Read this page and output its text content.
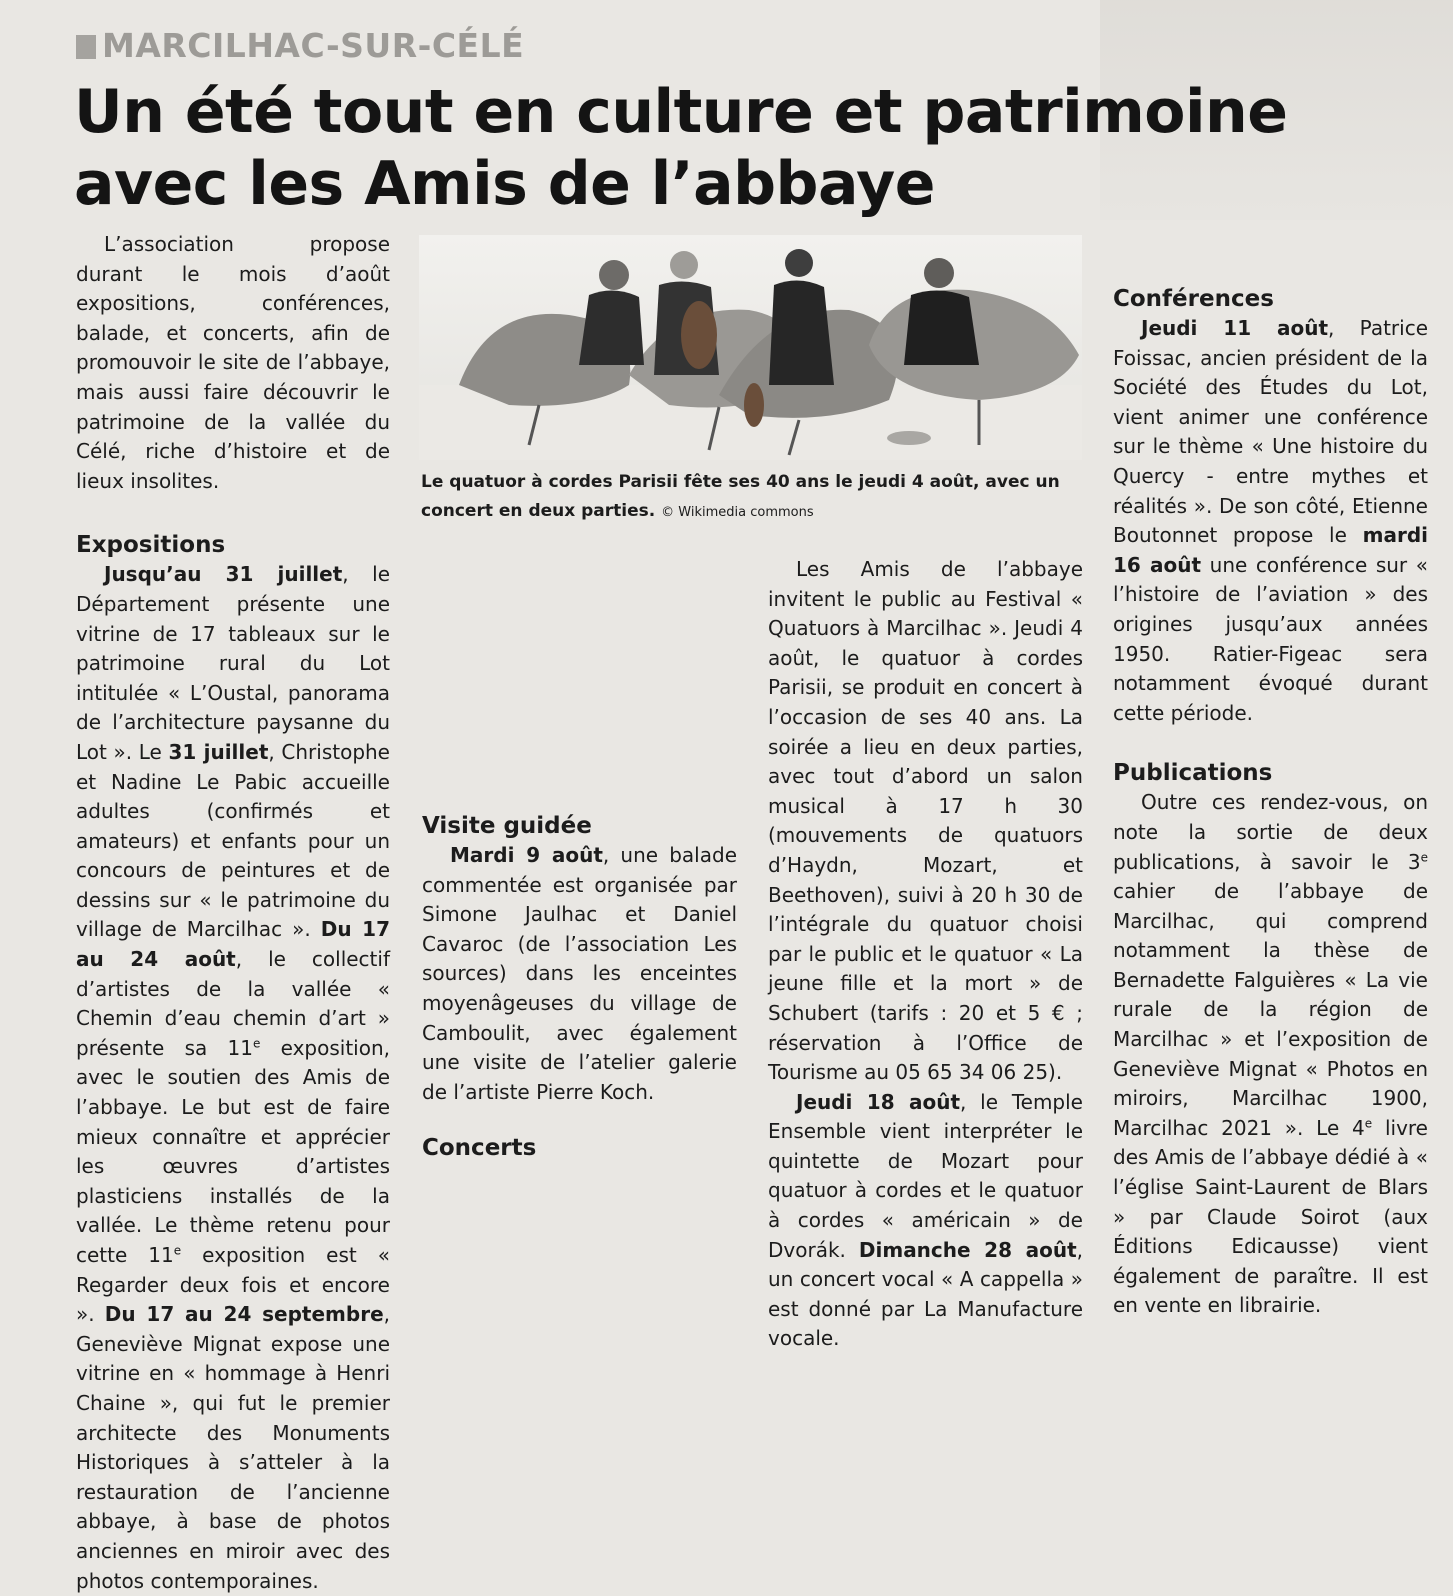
MARCILHAC-SUR-CÉLÉ
Un été tout en culture et patrimoine avec les Amis de l’abbaye

L’association propose durant le mois d’août expositions, conférences, balade, et concerts, afin de promouvoir le site de l’abbaye, mais aussi faire découvrir le patrimoine de la vallée du Célé, riche d’histoire et de lieux insolites.

Expositions

Jusqu’au 31 juillet, le Département présente une vitrine de 17 tableaux sur le patrimoine rural du Lot intitulée « L’Oustal, panorama de l’architecture paysanne du Lot ». Le 31 juillet, Christophe et Nadine Le Pabic accueille adultes (confirmés et amateurs) et enfants pour un concours de peintures et de dessins sur « le patrimoine du village de Marcilhac ». Du 17 au 24 août, le collectif d’artistes de la vallée « Chemin d’eau chemin d’art » présente sa 11e exposition, avec le soutien des Amis de l’abbaye. Le but est de faire mieux connaître et apprécier les œuvres d’artistes plasticiens installés de la vallée. Le thème retenu pour cette 11e exposition est « Regarder deux fois et encore ». Du 17 au 24 septembre, Geneviève Mignat expose une vitrine en « hommage à Henri Chaine », qui fut le premier architecte des Monuments Historiques à s’atteler à la restauration de l’ancienne abbaye, à base de photos anciennes en miroir avec des photos contemporaines.

Le quatuor à cordes Parisii fête ses 40 ans le jeudi 4 août, avec un concert en deux parties. © Wikimedia commons

Visite guidée

Mardi 9 août, une balade commentée est organisée par Simone Jaulhac et Daniel Cavaroc (de l’association Les sources) dans les enceintes moyenâgeuses du village de Camboulit, avec également une visite de l’atelier galerie de l’artiste Pierre Koch.

Concerts

Conférences

Jeudi 11 août, Patrice Foissac, ancien président de la Société des Études du Lot, vient animer une conférence sur le thème « Une histoire du Quercy - entre mythes et réalités ». De son côté, Etienne Boutonnet propose le mardi 16 août une conférence sur « l’histoire de l’aviation » des origines jusqu’aux années 1950. Ratier-Figeac sera notamment évoqué durant cette période.

Publications

Outre ces rendez-vous, on note la sortie de deux publications, à savoir le 3e cahier de l’abbaye de Marcilhac, qui comprend notamment la thèse de Bernadette Falguières « La vie rurale de la région de Marcilhac » et l’exposition de Geneviève Mignat « Photos en miroirs, Marcilhac 1900, Marcilhac 2021 ». Le 4e livre des Amis de l’abbaye dédié à « l’église Saint-Laurent de Blars » par Claude Soirot (aux Éditions Edicausse) vient également de paraître. Il est en vente en librairie.

Les Amis de l’abbaye invitent le public au Festival « Quatuors à Marcilhac ». Jeudi 4 août, le quatuor à cordes Parisii, se produit en concert à l’occasion de ses 40 ans. La soirée a lieu en deux parties, avec tout d’abord un salon musical à 17 h 30 (mouvements de quatuors d’Haydn, Mozart, et Beethoven), suivi à 20 h 30 de l’intégrale du quatuor choisi par le public et le quatuor « La jeune fille et la mort » de Schubert (tarifs : 20 et 5 € ; réservation à l’Office de Tourisme au 05 65 34 06 25).

Jeudi 18 août, le Temple Ensemble vient interpréter le quintette de Mozart pour quatuor à cordes et le quatuor à cordes « américain » de Dvorák. Dimanche 28 août, un concert vocal « A cappella » est donné par La Manufacture vocale.
